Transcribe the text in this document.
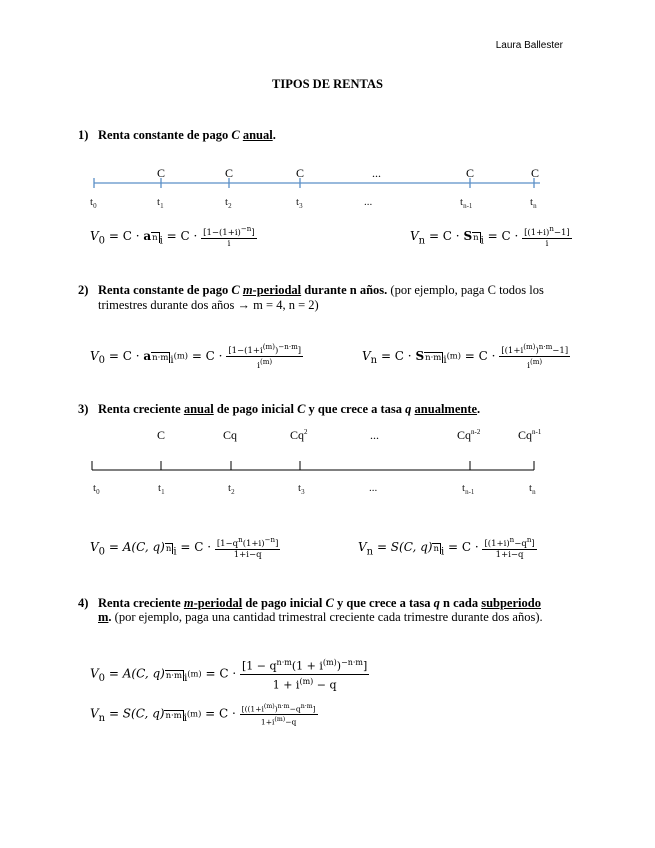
Laura Ballester
TIPOS DE RENTAS
1) Renta constante de pago C anual.
C	C	C	...	C	C
$t_0$	$t_1$	$t_2$	$t_3$	...	$t_{n-1}$	$t_n$
$V_0 = C$ · an $_i = C \cdot \frac{[1-(1+i)^{-n}]}{i}$	$V_n = C \cdot Sn$ $_i = C \cdot \frac{[(1+i)^n-1]}{i}$
2) Renta constante de pago C m-periodal durante n años. (por ejemplo, paga C todos los
trimestres durante dos años → m = 4, n = 2)
$V_0 = C \cdot an\cdot m$ $_{i^{(m)}} = C \cdot \frac{[1-(1+i^{(m)})^{-n\cdot m}]}{i^{(m)}}$	$V_n = C \cdot Sn\cdot m$ $_{i^{(m)}} = C \cdot \frac{[(1+i^{(m)})^{n\cdot m}-1]}{i^{(m)}}$
3) Renta creciente anual de pago inicial C y que crece a tasa q anualmente.
C	Cq	Cq$^2$	...	Cq$^{n-2}$	Cq$^{n-1}$
$t_0$	$t_1$	$t_2$	$t_3$	...	$t_{n-1}$	$t_n$
$V_0 = A(C$, q)n $_i = C \cdot \frac{[1-q^n(1+i)^{-n}]}{1+i-q}$	$V_n = S(C$, q)n $_i = C \cdot \frac{[(1+i)^n-q^n]}{1+i-q}$
4) Renta creciente m-periodal de pago inicial C y que crece a tasa q n cada subperiodo
m. (por ejemplo, paga una cantidad trimestral creciente cada trimestre durante dos años).
$V_0 = A(C$, q)n·m $_{i^{(m)}} = C \cdot \frac{[1 - q^{n\cdot m}(1 + i^{(m)})^{-n\cdot m}]}{1 + i^{(m)} - q}$
$V_n = S(C$, q)n·m $_{i^{(m)}} = C \cdot \frac{[((1+i^{(m)})^{n\cdot m}-q^{n\cdot m}]}{1+i^{(m)}-q}$
